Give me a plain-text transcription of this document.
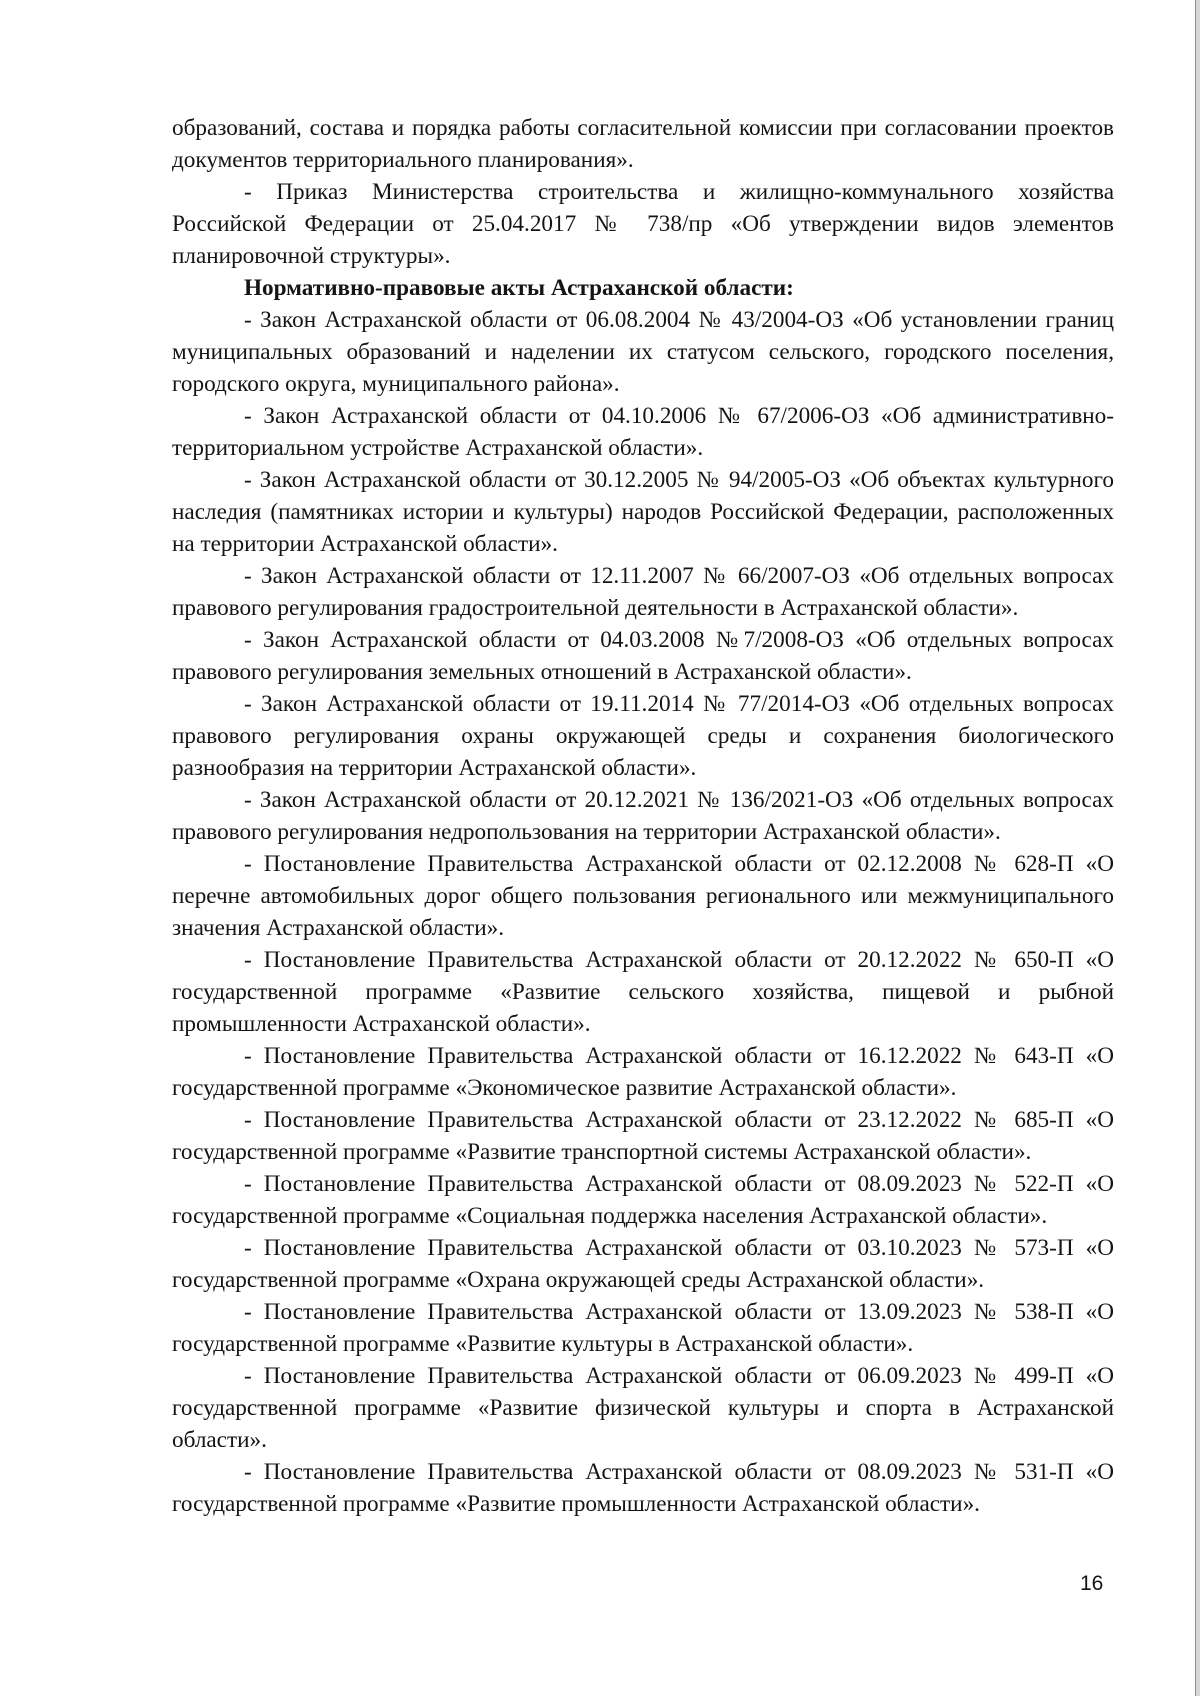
образований, состава и порядка работы согласительной комиссии при согласовании проектов документов территориального планирования».

- Приказ Министерства строительства и жилищно-коммунального хозяйства Российской Федерации от 25.04.2017 № 738/пр «Об утверждении видов элементов планировочной структуры».

Нормативно-правовые акты Астраханской области:

- Закон Астраханской области от 06.08.2004 № 43/2004-ОЗ «Об установлении границ муниципальных образований и наделении их статусом сельского, городского поселения, городского округа, муниципального района».

- Закон Астраханской области от 04.10.2006 № 67/2006-ОЗ «Об административно-территориальном устройстве Астраханской области».

- Закон Астраханской области от 30.12.2005 № 94/2005-ОЗ «Об объектах культурного наследия (памятниках истории и культуры) народов Российской Федерации, расположенных на территории Астраханской области».

- Закон Астраханской области от 12.11.2007 № 66/2007-ОЗ «Об отдельных вопросах правового регулирования градостроительной деятельности в Астраханской области».

- Закон Астраханской области от 04.03.2008 №7/2008-ОЗ «Об отдельных вопросах правового регулирования земельных отношений в Астраханской области».

- Закон Астраханской области от 19.11.2014 № 77/2014-ОЗ «Об отдельных вопросах правового регулирования охраны окружающей среды и сохранения биологического разнообразия на территории Астраханской области».

- Закон Астраханской области от 20.12.2021 № 136/2021-ОЗ «Об отдельных вопросах правового регулирования недропользования на территории Астраханской области».

- Постановление Правительства Астраханской области от 02.12.2008 № 628-П «О перечне автомобильных дорог общего пользования регионального или межмуниципального значения Астраханской области».

- Постановление Правительства Астраханской области от 20.12.2022 № 650-П «О государственной программе «Развитие сельского хозяйства, пищевой и рыбной промышленности Астраханской области».

- Постановление Правительства Астраханской области от 16.12.2022 № 643-П «О государственной программе «Экономическое развитие Астраханской области».

- Постановление Правительства Астраханской области от 23.12.2022 № 685-П «О государственной программе «Развитие транспортной системы Астраханской области».

- Постановление Правительства Астраханской области от 08.09.2023 № 522-П «О государственной программе «Социальная поддержка населения Астраханской области».

- Постановление Правительства Астраханской области от 03.10.2023 № 573-П «О государственной программе «Охрана окружающей среды Астраханской области».

- Постановление Правительства Астраханской области от 13.09.2023 № 538-П «О государственной программе «Развитие культуры в Астраханской области».

- Постановление Правительства Астраханской области от 06.09.2023 № 499-П «О государственной программе «Развитие физической культуры и спорта в Астраханской области».

- Постановление Правительства Астраханской области от 08.09.2023 № 531-П «О государственной программе «Развитие промышленности Астраханской области».

16
